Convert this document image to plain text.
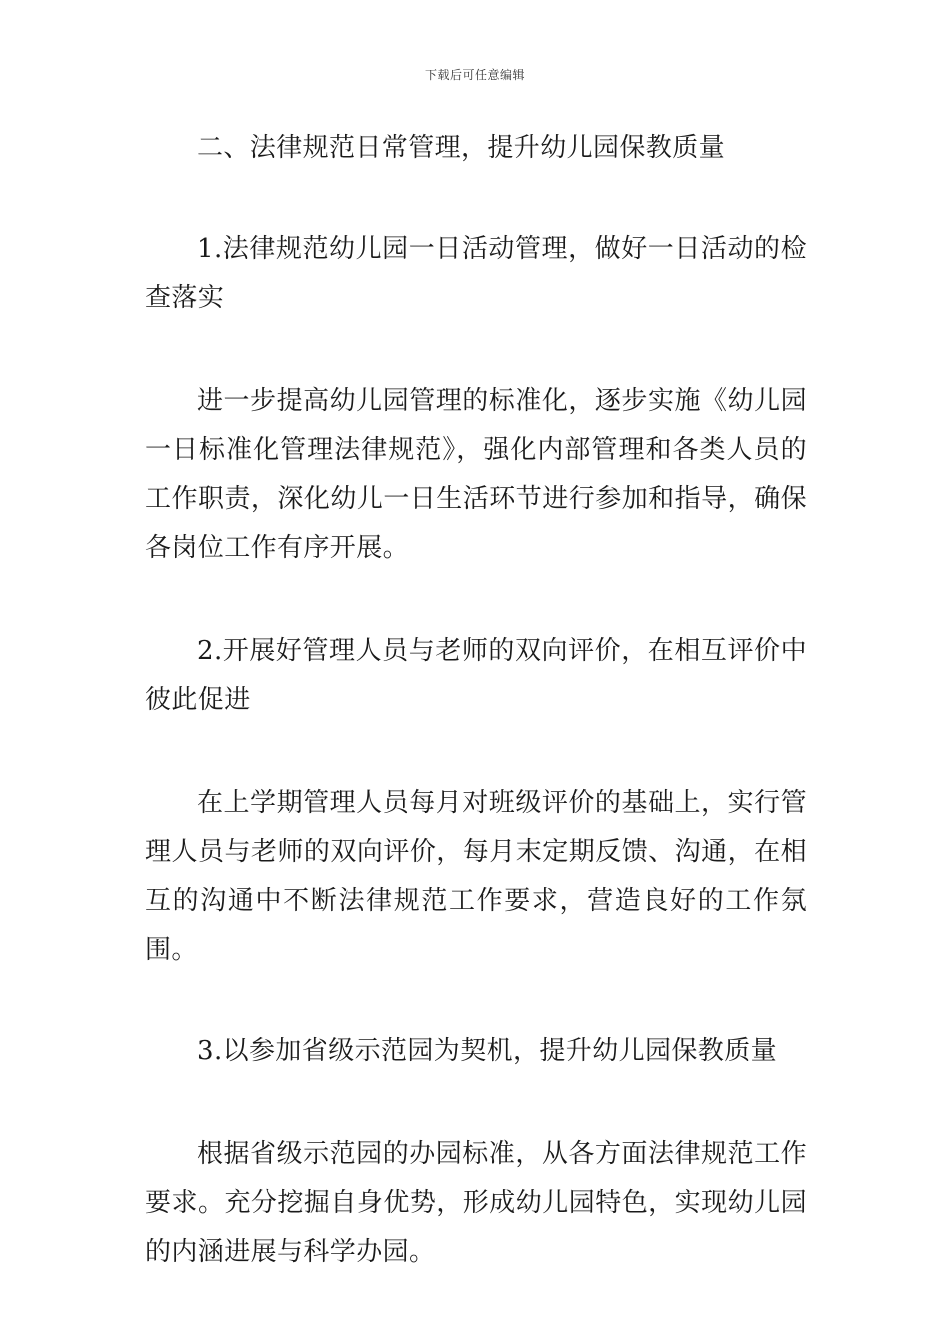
下载后可任意编辑

二、法律规范日常管理，提升幼儿园保教质量

1.法律规范幼儿园一日活动管理，做好一日活动的检查落实

进一步提高幼儿园管理的标准化，逐步实施《幼儿园一日标准化管理法律规范》，强化内部管理和各类人员的工作职责，深化幼儿一日生活环节进行参加和指导，确保各岗位工作有序开展。

2.开展好管理人员与老师的双向评价，在相互评价中彼此促进

在上学期管理人员每月对班级评价的基础上，实行管理人员与老师的双向评价，每月末定期反馈、沟通，在相互的沟通中不断法律规范工作要求，营造良好的工作氛围。

3.以参加省级示范园为契机，提升幼儿园保教质量

根据省级示范园的办园标准，从各方面法律规范工作要求。充分挖掘自身优势，形成幼儿园特色，实现幼儿园的内涵进展与科学办园。
